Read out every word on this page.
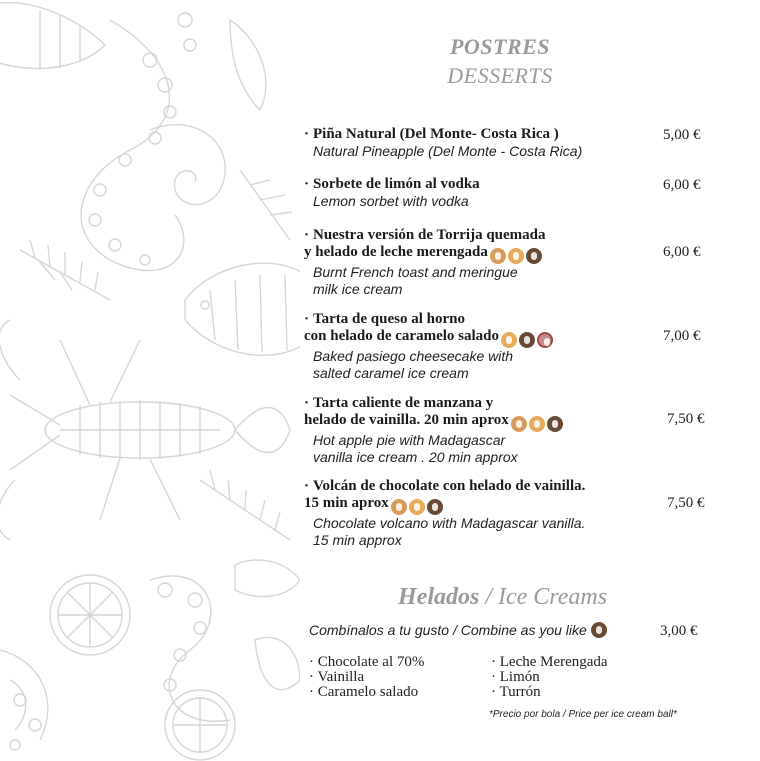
POSTRES
DESSERTS
· Piña Natural (Del Monte- Costa Rica )
Natural Pineapple (Del Monte - Costa Rica)
5,00 €
· Sorbete de limón al vodka
Lemon sorbet with vodka
6,00 €
· Nuestra versión de Torrija quemada
y helado de leche merengada
Burnt French toast and meringue
milk ice cream
6,00 €
· Tarta de queso al horno
con helado de caramelo salado
Baked pasiego cheesecake with
salted caramel ice cream
7,00 €
· Tarta caliente de manzana y
helado de vainilla. 20 min aprox
Hot apple pie with Madagascar
vanilla ice cream . 20 min approx
7,50 €
· Volcán de chocolate con helado de vainilla.
15 min aprox
Chocolate volcano with Madagascar vanilla.
15 min approx
7,50 €
Helados / Ice Creams
Combínalos a tu gusto / Combine as you like	3,00 €
· Chocolate al 70%
· Vainilla
· Caramelo salado
· Leche Merengada
· Limón
· Turrón
*Precio por bola / Price per ice cream ball*
